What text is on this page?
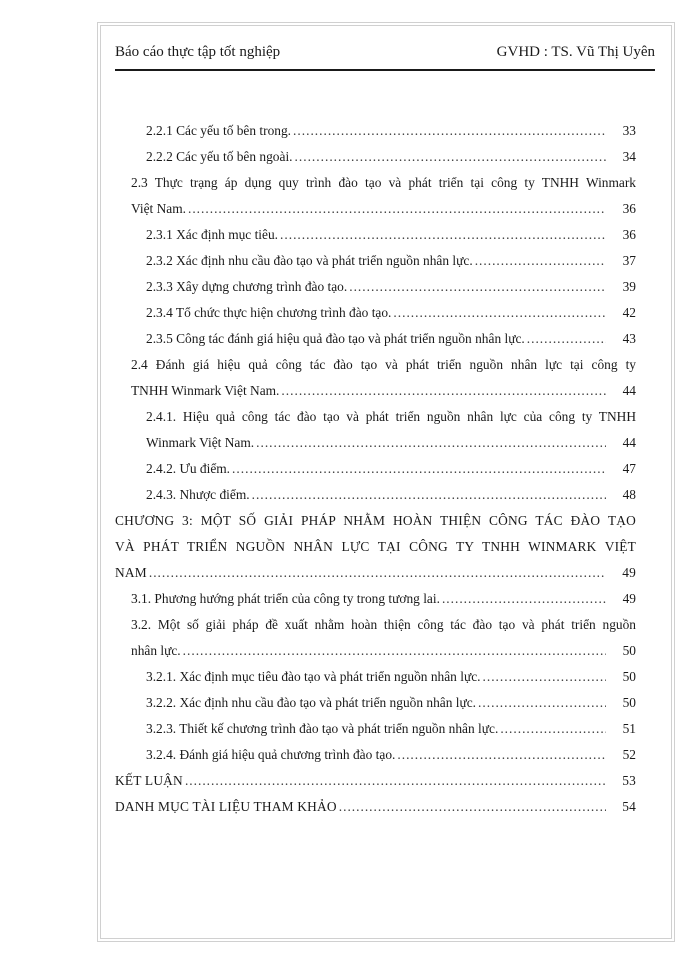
Báo cáo thực tập tốt nghiệp	GVHD : TS. Vũ Thị Uyên
2.2.1 Các yếu tố bên trong. .....	33
2.2.2 Các yếu tố bên ngoài. .....	34
2.3 Thực trạng áp dụng quy trình đào tạo và phát triển tại công ty TNHH Winmark
Việt Nam. .....	36
2.3.1 Xác định mục tiêu. .....	36
2.3.2 Xác định nhu cầu đào tạo và phát triển nguồn nhân lực. .....	37
2.3.3 Xây dựng chương trình đào tạo. .....	39
2.3.4 Tổ chức thực hiện chương trình đào tạo. .....	42
2.3.5 Công tác đánh giá hiệu quả đào tạo và phát triển nguồn nhân lực. .....	43
2.4 Đánh giá hiệu quả công tác đào tạo và phát triển nguồn nhân lực tại công ty
TNHH Winmark Việt Nam. .....	44
2.4.1. Hiệu quả công tác đào tạo và phát triển nguồn nhân lực của công ty TNHH
Winmark Việt Nam. .....	44
2.4.2. Ưu điểm. .....	47
2.4.3. Nhược điểm. .....	48
CHƯƠNG 3: MỘT SỐ GIẢI PHÁP NHẰM HOÀN THIỆN CÔNG TÁC ĐÀO TẠO
VÀ PHÁT TRIỂN NGUỒN NHÂN LỰC TẠI CÔNG TY TNHH WINMARK VIỆT
NAM .....	49
3.1. Phương hướng phát triển của công ty trong tương lai. .....	49
3.2. Một số giải pháp đề xuất nhằm hoàn thiện công tác đào tạo và phát triển nguồn
nhân lực. .....	50
3.2.1. Xác định mục tiêu đào tạo và phát triển nguồn nhân lực. .....	50
3.2.2. Xác định nhu cầu đào tạo và phát triển nguồn nhân lực. .....	50
3.2.3. Thiết kế chương trình đào tạo và phát triển nguồn nhân lực. .....	51
3.2.4. Đánh giá hiệu quả chương trình đào tạo. .....	52
KẾT LUẬN .....	53
DANH MỤC TÀI LIỆU THAM KHẢO .....	54
